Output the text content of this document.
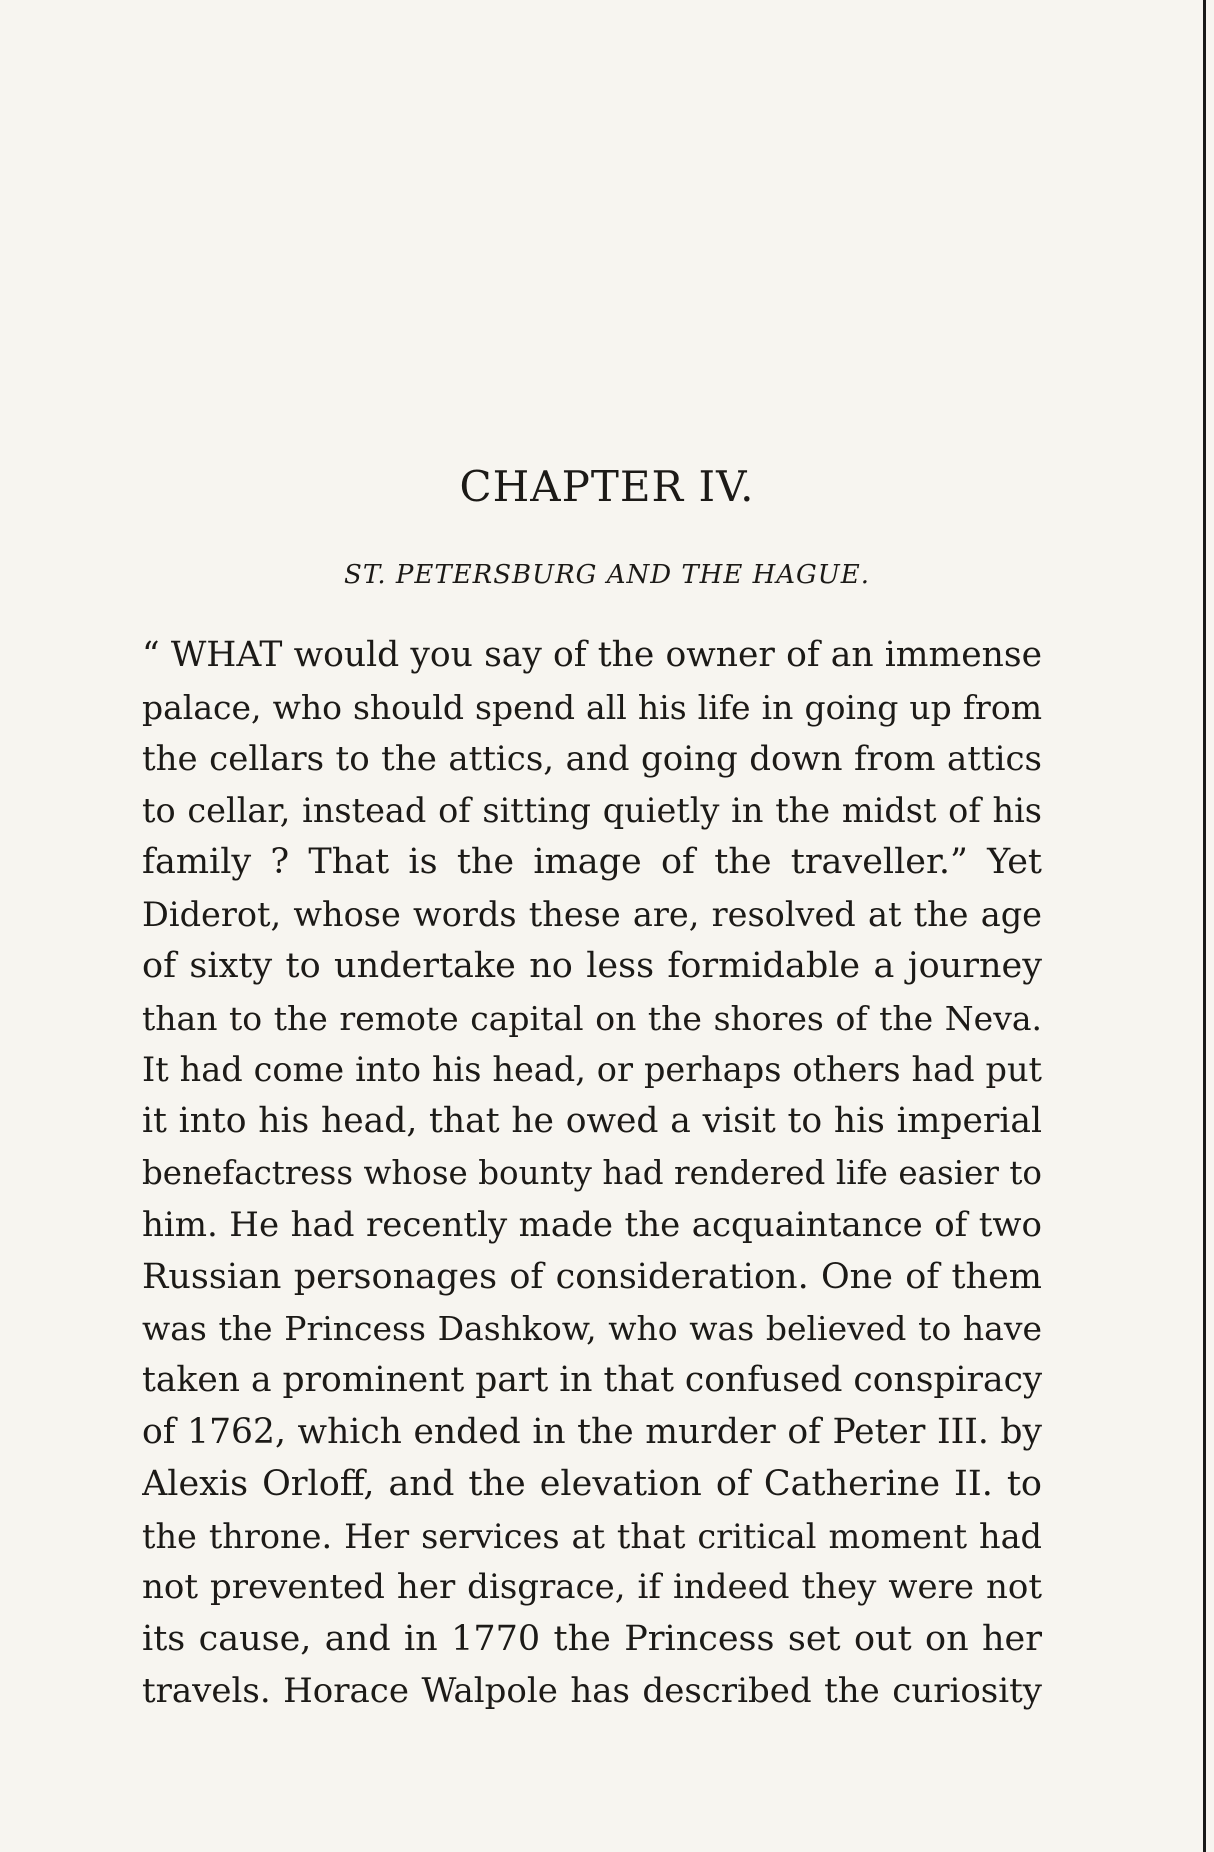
CHAPTER IV.
ST. PETERSBURG AND THE HAGUE.
“ WHAT would you say of the owner of an immense
palace, who should spend all his life in going up from
the cellars to the attics, and going down from attics
to cellar, instead of sitting quietly in the midst of his
family ? That is the image of the traveller.” Yet
Diderot, whose words these are, resolved at the age
of sixty to undertake no less formidable a journey
than to the remote capital on the shores of the Neva.
It had come into his head, or perhaps others had put
it into his head, that he owed a visit to his imperial
benefactress whose bounty had rendered life easier to
him. He had recently made the acquaintance of two
Russian personages of consideration. One of them
was the Princess Dashkow, who was believed to have
taken a prominent part in that confused conspiracy
of 1762, which ended in the murder of Peter III. by
Alexis Orloff, and the elevation of Catherine II. to
the throne. Her services at that critical moment had
not prevented her disgrace, if indeed they were not
its cause, and in 1770 the Princess set out on her
travels. Horace Walpole has described the curiosity
